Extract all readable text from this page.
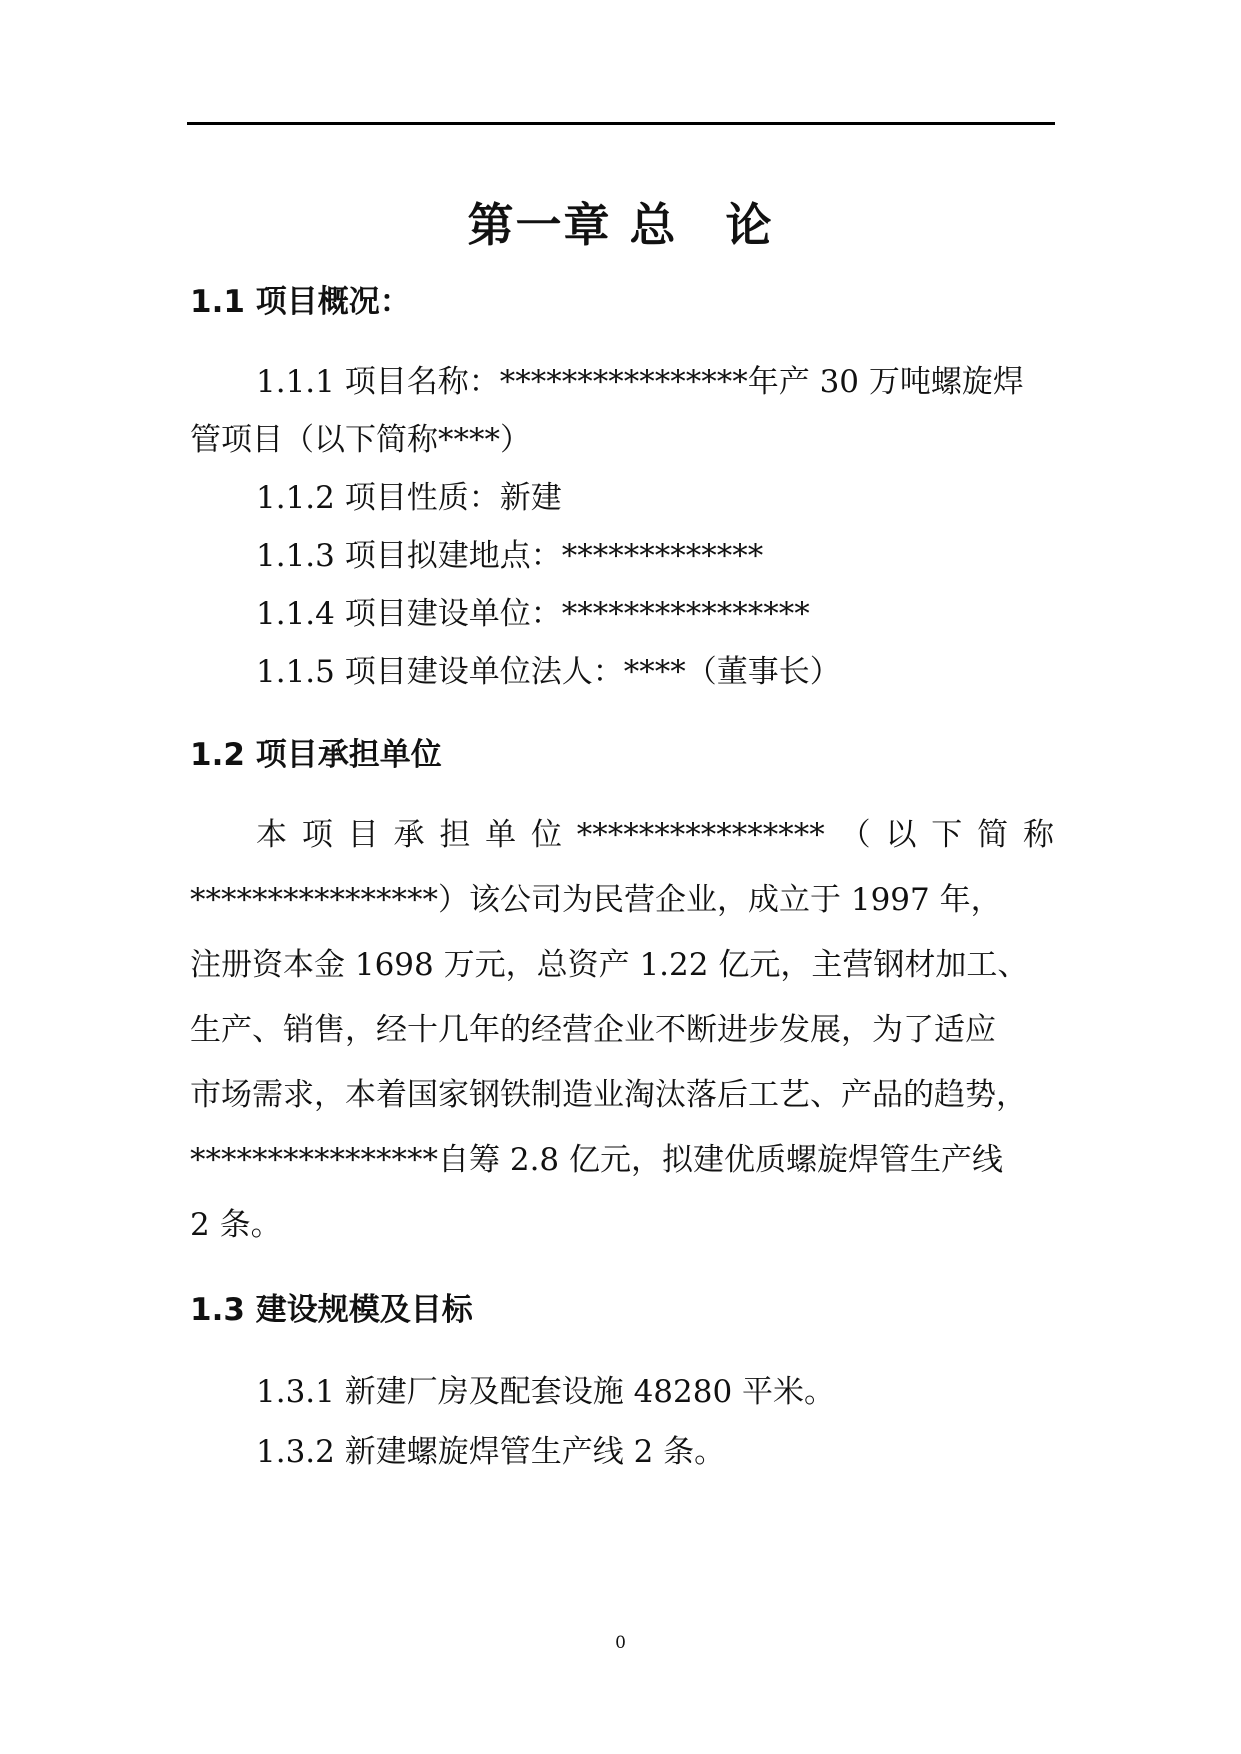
第一章 总　论
1.1 项目概况：
1.1.1 项目名称：****************年产 30 万吨螺旋焊
管项目（以下简称****）
1.1.2 项目性质：新建
1.1.3 项目拟建地点：*************
1.1.4 项目建设单位：****************
1.1.5 项目建设单位法人：****（董事长）
1.2 项目承担单位
本 项 目 承 担 单 位 **************** （ 以 下 简 称
****************）该公司为民营企业，成立于 1997 年，
注册资本金 1698 万元，总资产 1.22 亿元，主营钢材加工、
生产、销售，经十几年的经营企业不断进步发展，为了适应
市场需求，本着国家钢铁制造业淘汰落后工艺、产品的趋势，
****************自筹 2.8 亿元，拟建优质螺旋焊管生产线
2 条。
1.3 建设规模及目标
1.3.1 新建厂房及配套设施 48280 平米。
1.3.2 新建螺旋焊管生产线 2 条。
0
